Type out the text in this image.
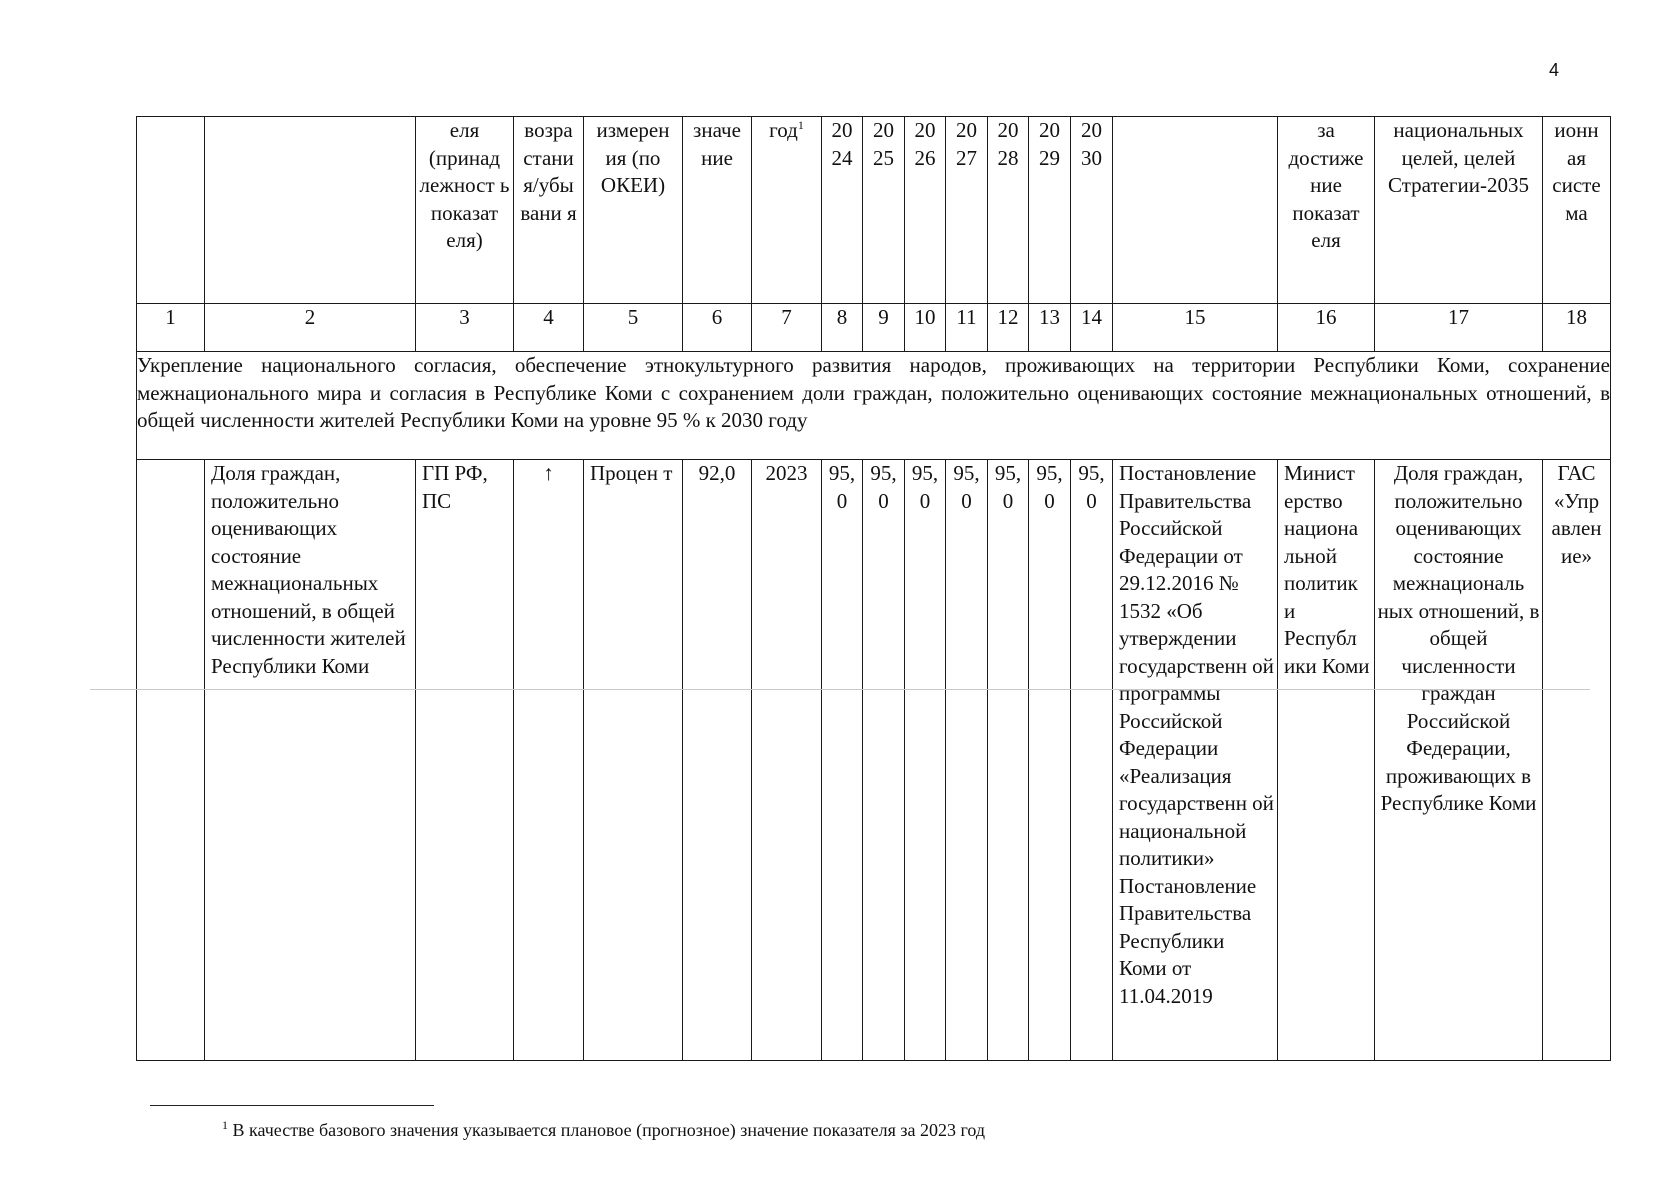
4
		еля (принад лежност ь показат еля)	возра стани я/убы вани я	измерен ия (по ОКЕИ)	значе ние	год$^1$	20 24	20 25	20 26	20 27	20 28	20 29	20 30		за достиже ние показат еля	национальных целей, целей Стратегии-2035	ионн ая систе ма
1	2	3	4	5	6	7	8	9	10	11	12	13	14	15	16	17	18
Укрепление национального согласия, обеспечение этнокультурного развития народов, проживающих на территории Республики Коми, сохранение межнационального мира и согласия в Республике Коми с сохранением доли граждан, положительно оценивающих состояние межнациональных отношений, в общей численности жителей Республики Коми на уровне 95 % к 2030 году																	
	Доля граждан, положительно оценивающих состояние межнациональных отношений, в общей численности жителей Республики Коми	ГП РФ, ПС	↑	Процен т	92,0	2023	95, 0	95, 0	95, 0	95, 0	95, 0	95, 0	95, 0	Постановление Правительства Российской Федерации от 29.12.2016 № 1532 «Об утверждении государственн ой программы Российской Федерации «Реализация государственн ой национальной политики» Постановление Правительства Республики Коми от 11.04.2019	Минист ерство национа льной политик и Республ ики Коми	Доля граждан, положительно оценивающих состояние межнациональ ных отношений, в общей численности граждан Российской Федерации, проживающих в Республике Коми	ГАС «Упр авлен ие»
$^1$ В качестве базового значения указывается плановое (прогнозное) значение показателя за 2023 год
